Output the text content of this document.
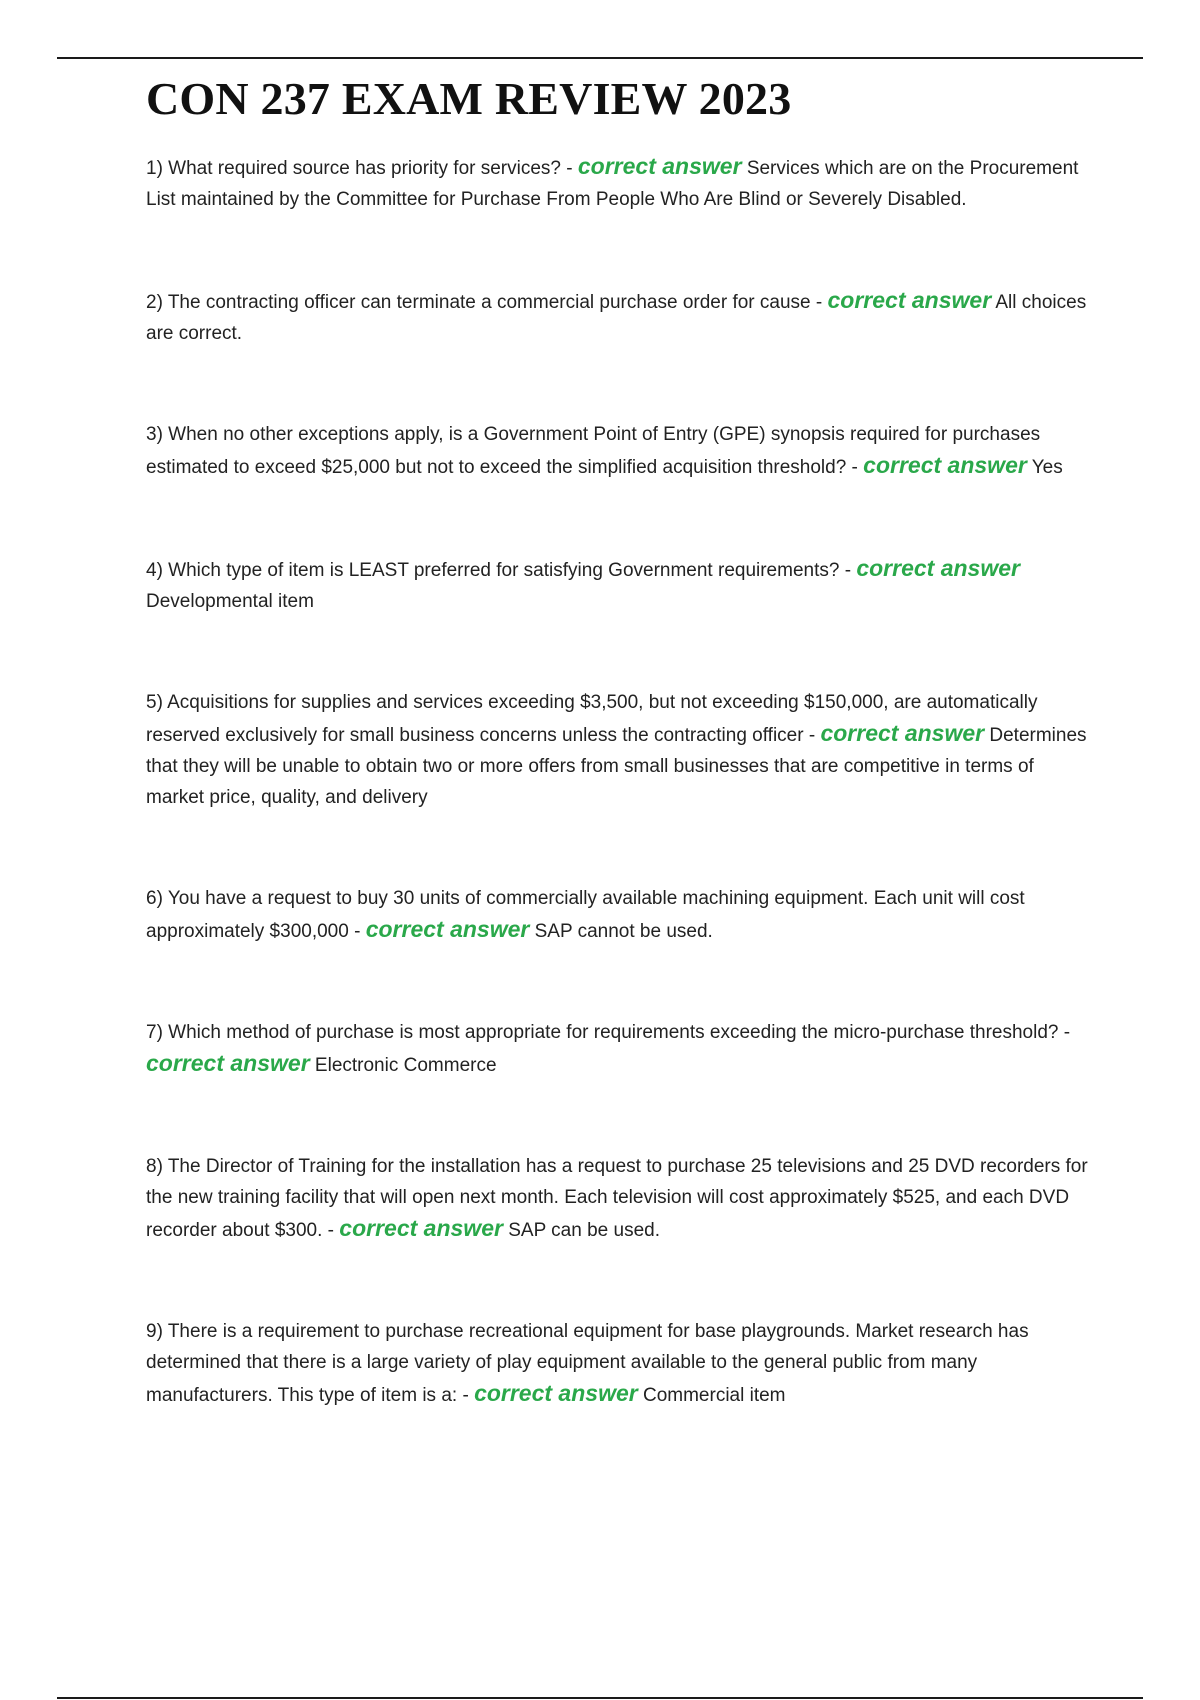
CON 237 EXAM REVIEW 2023

1) What required source has priority for services? - correct answer Services which are on the Procurement List maintained by the Committee for Purchase From People Who Are Blind or Severely Disabled.

2) The contracting officer can terminate a commercial purchase order for cause - correct answer All choices are correct.

3) When no other exceptions apply, is a Government Point of Entry (GPE) synopsis required for purchases estimated to exceed $25,000 but not to exceed the simplified acquisition threshold? - correct answer Yes

4) Which type of item is LEAST preferred for satisfying Government requirements? - correct answer Developmental item

5) Acquisitions for supplies and services exceeding $3,500, but not exceeding $150,000, are automatically reserved exclusively for small business concerns unless the contracting officer - correct answer Determines that they will be unable to obtain two or more offers from small businesses that are competitive in terms of market price, quality, and delivery

6) You have a request to buy 30 units of commercially available machining equipment. Each unit will cost approximately $300,000 - correct answer SAP cannot be used.

7) Which method of purchase is most appropriate for requirements exceeding the micro-purchase threshold? - correct answer Electronic Commerce

8) The Director of Training for the installation has a request to purchase 25 televisions and 25 DVD recorders for the new training facility that will open next month. Each television will cost approximately $525, and each DVD recorder about $300. - correct answer SAP can be used.

9) There is a requirement to purchase recreational equipment for base playgrounds. Market research has determined that there is a large variety of play equipment available to the general public from many manufacturers. This type of item is a: - correct answer Commercial item
